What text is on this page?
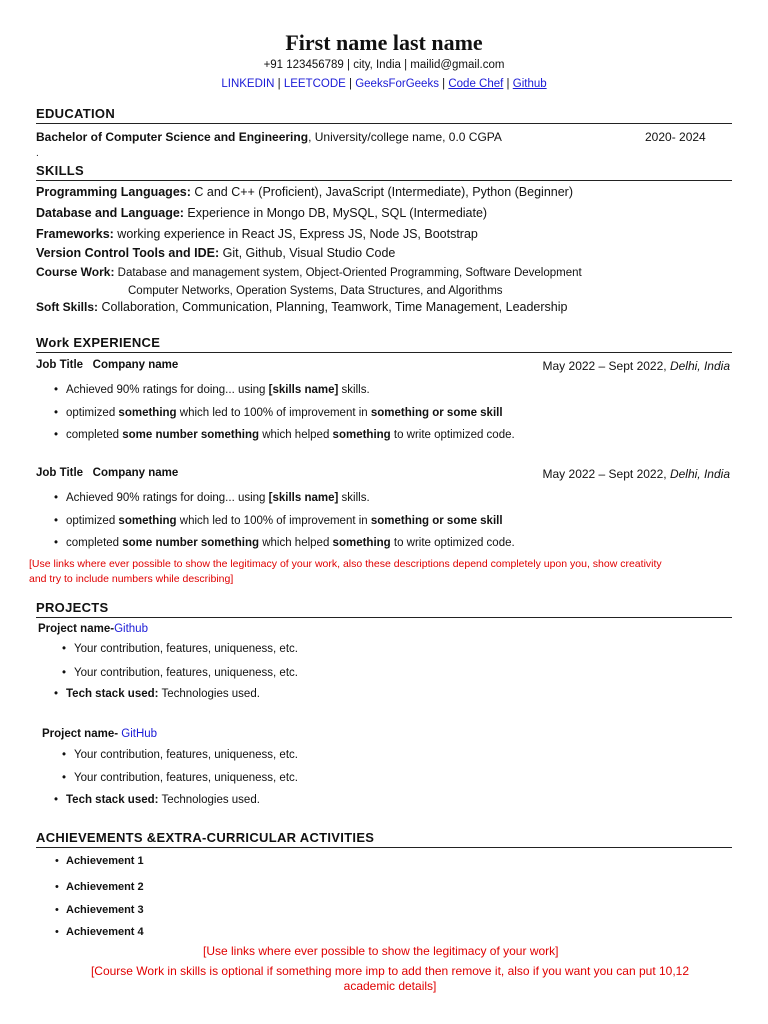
First name last name
+91 123456789 | city, India | mailid@gmail.com
LINKEDIN | LEETCODE | GeeksForGeeks | Code Chef | Github
EDUCATION
Bachelor of Computer Science and Engineering, University/college name, 0.0 CGPA	2020- 2024
.
SKILLS
Programming Languages: C and C++ (Proficient), JavaScript (Intermediate), Python (Beginner)
Database and Language: Experience in Mongo DB, MySQL, SQL (Intermediate)
Frameworks: working experience in React JS, Express JS, Node JS, Bootstrap
Version Control Tools and IDE: Git, Github, Visual Studio Code
Course Work: Database and management system, Object-Oriented Programming, Software Development
Computer Networks, Operation Systems, Data Structures, and Algorithms
Soft Skills: Collaboration, Communication, Planning, Teamwork, Time Management, Leadership
Work EXPERIENCE
Job Title Company name	May 2022 – Sept 2022, Delhi, India
• Achieved 90% ratings for doing... using [skills name] skills.
• optimized something which led to 100% of improvement in something or some skill
• completed some number something which helped something to write optimized code.
Job Title Company name	May 2022 – Sept 2022, Delhi, India
• Achieved 90% ratings for doing... using [skills name] skills.
• optimized something which led to 100% of improvement in something or some skill
• completed some number something which helped something to write optimized code.
[Use links where ever possible to show the legitimacy of your work, also these descriptions depend completely upon you, show creativity
and try to include numbers while describing]
PROJECTS
Project name-Github
• Your contribution, features, uniqueness, etc.
• Your contribution, features, uniqueness, etc.
• Tech stack used: Technologies used.
Project name- GitHub
• Your contribution, features, uniqueness, etc.
• Your contribution, features, uniqueness, etc.
• Tech stack used: Technologies used.
ACHIEVEMENTS &EXTRA-CURRICULAR ACTIVITIES
• Achievement 1
• Achievement 2
• Achievement 3
• Achievement 4
[Use links where ever possible to show the legitimacy of your work]
[Course Work in skills is optional if something more imp to add then remove it, also if you want you can put 10,12 academic details]
